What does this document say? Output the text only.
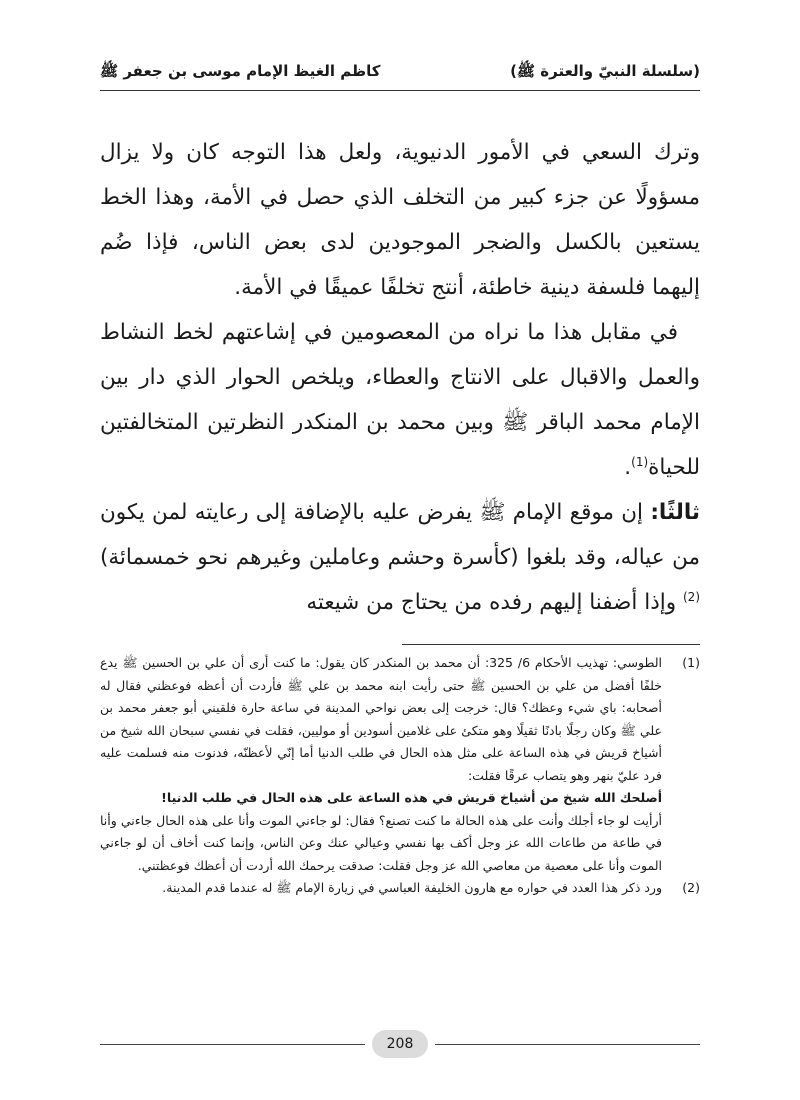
(سلسلة النبيّ والعترة ﷺ)
كاظم الغيظ الإمام موسى بن جعفر ﷺ

وترك السعي في الأمور الدنيوية، ولعل هذا التوجه كان ولا يزال مسؤولًا عن جزء كبير من التخلف الذي حصل في الأمة، وهذا الخط يستعين بالكسل والضجر الموجودين لدى بعض الناس، فإذا ضُم إليهما فلسفة دينية خاطئة، أنتج تخلفًا عميقًا في الأمة.

في مقابل هذا ما نراه من المعصومين في إشاعتهم لخط النشاط والعمل والاقبال على الانتاج والعطاء، ويلخص الحوار الذي دار بين الإمام محمد الباقر ﷺ وبين محمد بن المنكدر النظرتين المتخالفتين للحياة$^{(1)}$.

ثالثًا: إن موقع الإمام ﷺ يفرض عليه بالإضافة إلى رعايته لمن يكون من عياله، وقد بلغوا (كأسرة وحشم وعاملين وغيرهم نحو خمسمائة)$^{(2)}$ وإذا أضفنا إليهم رفده من يحتاج من شيعته

(1)

الطوسي: تهذيب الأحكام 6/ 325: أن محمد بن المنكدر كان يقول: ما كنت أرى أن علي بن الحسين ﷺ يدع خلفًا أفضل من علي بن الحسين ﷺ حتى رأيت ابنه محمد بن علي ﷺ فأردت أن أعظه فوعظني فقال له أصحابه: باي شيء وعظك؟ قال: خرجت إلى بعض نواحي المدينة في ساعة حارة فلقيني أبو جعفر محمد بن علي ﷺ وكان رجلًا بادنًا ثقيلًا وهو متكئ على غلامين أسودين أو موليين، فقلت في نفسي سبحان الله شيخ من أشياخ قريش في هذه الساعة على مثل هذه الحال في طلب الدنيا أما إنّي لأعظنّه، فدنوت منه فسلمت عليه فرد عليّ بنهر وهو يتصاب عرقًا فقلت:

أصلحك الله شيخ من أشياخ قريش في هذه الساعة على هذه الحال في طلب الدنيا!

أرأيت لو جاء أجلك وأنت على هذه الحالة ما كنت تصنع؟ فقال: لو جاءني الموت وأنا على هذه الحال جاءني وأنا في طاعة من طاعات الله عز وجل أكف بها نفسي وعيالي عنك وعن الناس، وإنما كنت أخاف أن لو جاءني الموت وأنا على معصية من معاصي الله عز وجل فقلت: صدقت يرحمك الله أردت أن أعظك فوعظتني.

(2)

ورد ذكر هذا العدد في حواره مع هارون الخليفة العباسي في زيارة الإمام ﷺ له عندما قدم المدينة.

208
